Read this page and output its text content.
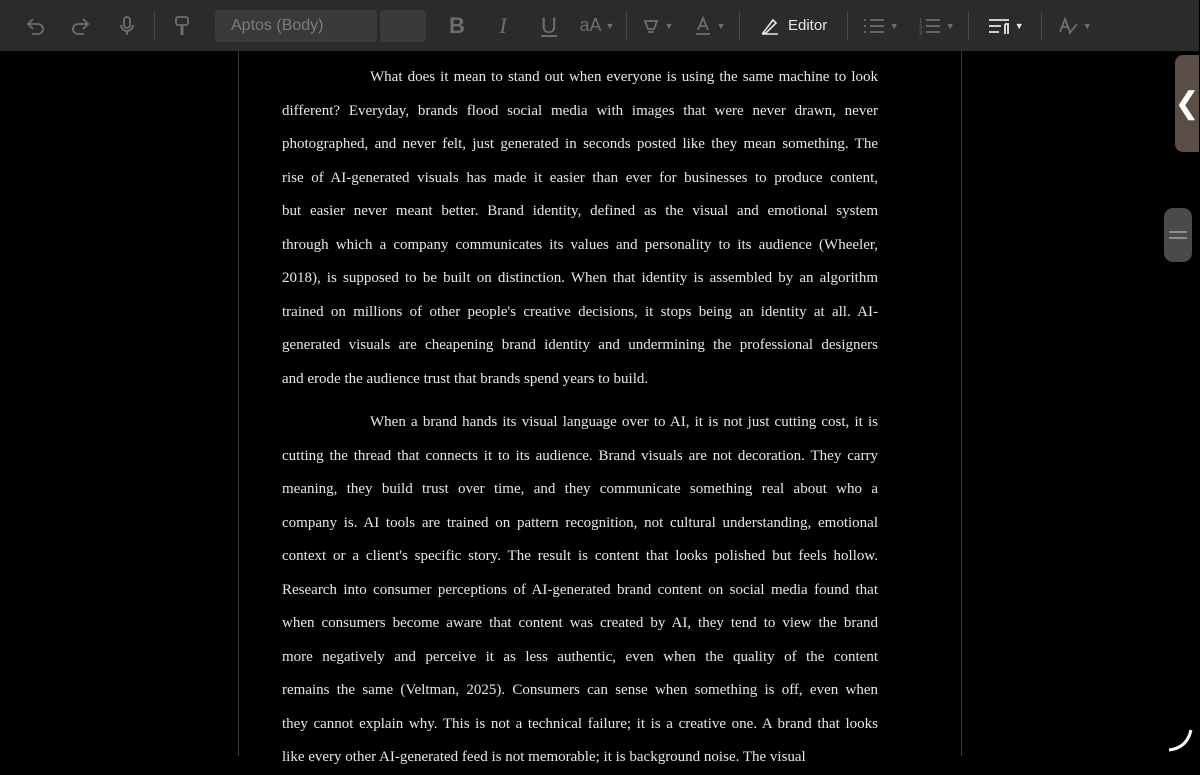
Aptos (Body)	B	I	U	aA ▼	▼	▼	Editor	▼	1
2
3
▼	▼	▼

What does it mean to stand out when everyone is using the same machine to look
different? Everyday, brands flood social media with images that were never drawn, never
photographed, and never felt, just generated in seconds posted like they mean something. The
rise of AI-generated visuals has made it easier than ever for businesses to produce content,
but easier never meant better. Brand identity, defined as the visual and emotional system
through which a company communicates its values and personality to its audience (Wheeler,
2018), is supposed to be built on distinction. When that identity is assembled by an algorithm
trained on millions of other people's creative decisions, it stops being an identity at all. AI-
generated visuals are cheapening brand identity and undermining the professional designers
and erode the audience trust that brands spend years to build.

When a brand hands its visual language over to AI, it is not just cutting cost, it is
cutting the thread that connects it to its audience. Brand visuals are not decoration. They carry
meaning, they build trust over time, and they communicate something real about who a
company is. AI tools are trained on pattern recognition, not cultural understanding, emotional
context or a client's specific story. The result is content that looks polished but feels hollow.
Research into consumer perceptions of AI-generated brand content on social media found that
when consumers become aware that content was created by AI, they tend to view the brand
more negatively and perceive it as less authentic, even when the quality of the content
remains the same (Veltman, 2025). Consumers can sense when something is off, even when
they cannot explain why. This is not a technical failure; it is a creative one. A brand that looks
like every other AI-generated feed is not memorable; it is background noise. The visual

❮
